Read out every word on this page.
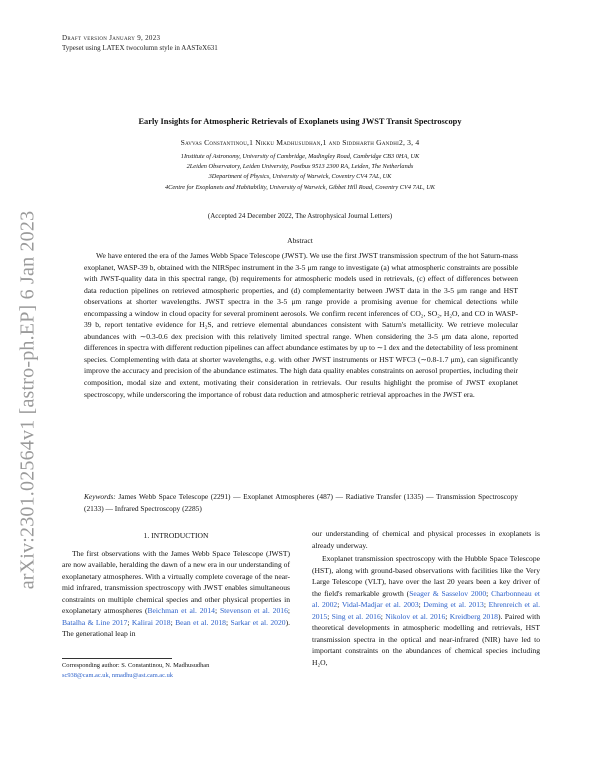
arXiv:2301.02564v1 [astro-ph.EP] 6 Jan 2023
Draft version January 9, 2023
Typeset using LATEX twocolumn style in AASTeX631
Early Insights for Atmospheric Retrievals of Exoplanets using JWST Transit Spectroscopy
Savvas Constantinou,1 Nikku Madhusudhan,1 and Siddharth Gandhi2, 3, 4
1Institute of Astronomy, University of Cambridge, Madingley Road, Cambridge CB3 0HA, UK
2Leiden Observatory, Leiden University, Postbus 9513 2300 RA, Leiden, The Netherlands
3Department of Physics, University of Warwick, Coventry CV4 7AL, UK
4Centre for Exoplanets and Habitability, University of Warwick, Gibbet Hill Road, Coventry CV4 7AL, UK
(Accepted 24 December 2022, The Astrophysical Journal Letters)
Abstract
We have entered the era of the James Webb Space Telescope (JWST). We use the first JWST transmission spectrum of the hot Saturn-mass exoplanet, WASP-39 b, obtained with the NIRSpec instrument in the 3-5 μm range to investigate (a) what atmospheric constraints are possible with JWST-quality data in this spectral range, (b) requirements for atmospheric models used in retrievals, (c) effect of differences between data reduction pipelines on retrieved atmospheric properties, and (d) complementarity between JWST data in the 3-5 μm range and HST observations at shorter wavelengths. JWST spectra in the 3-5 μm range provide a promising avenue for chemical detections while encompassing a window in cloud opacity for several prominent aerosols. We confirm recent inferences of CO₂, SO₂, H₂O, and CO in WASP-39 b, report tentative evidence for H₂S, and retrieve elemental abundances consistent with Saturn's metallicity. We retrieve molecular abundances with ∼0.3-0.6 dex precision with this relatively limited spectral range. When considering the 3-5 μm data alone, reported differences in spectra with different reduction pipelines can affect abundance estimates by up to ∼1 dex and the detectability of less prominent species. Complementing with data at shorter wavelengths, e.g. with other JWST instruments or HST WFC3 (∼0.8-1.7 μm), can significantly improve the accuracy and precision of the abundance estimates. The high data quality enables constraints on aerosol properties, including their composition, modal size and extent, motivating their consideration in retrievals. Our results highlight the promise of JWST exoplanet spectroscopy, while underscoring the importance of robust data reduction and atmospheric retrieval approaches in the JWST era.
Keywords: James Webb Space Telescope (2291) — Exoplanet Atmospheres (487) — Radiative Transfer (1335) — Transmission Spectroscopy (2133) — Infrared Spectroscopy (2285)
1. INTRODUCTION

The first observations with the James Webb Space Telescope (JWST) are now available, heralding the dawn of a new era in our understanding of exoplanetary atmospheres. With a virtually complete coverage of the near-mid infrared, transmission spectroscopy with JWST enables simultaneous constraints on multiple chemical species and other physical properties in exoplanetary atmospheres (Beichman et al. 2014; Stevenson et al. 2016; Batalha & Line 2017; Kalirai 2018; Bean et al. 2018; Sarkar et al. 2020). The generational leap in

our understanding of chemical and physical processes in exoplanets is already underway.

Exoplanet transmission spectroscopy with the Hubble Space Telescope (HST), along with ground-based observations with facilities like the Very Large Telescope (VLT), have over the last 20 years been a key driver of the field's remarkable growth (Seager & Sasselov 2000; Charbonneau et al. 2002; Vidal-Madjar et al. 2003; Deming et al. 2013; Ehrenreich et al. 2015; Sing et al. 2016; Nikolov et al. 2016; Kreidberg 2018). Paired with theoretical developments in atmospheric modelling and retrievals, HST transmission spectra in the optical and near-infrared (NIR) have led to important constraints on the abundances of chemical species including H₂O,

Corresponding author: S. Constantinou, N. Madhusudhan
sc938@cam.ac.uk, nmadhu@ast.cam.ac.uk
